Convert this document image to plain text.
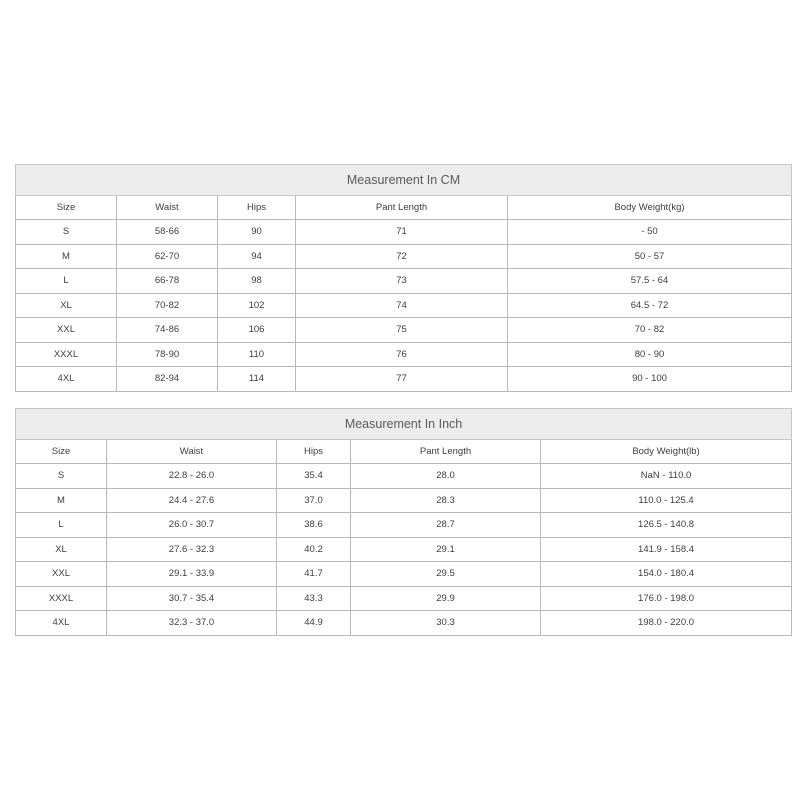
Measurement In CM				
Size	Waist	Hips	Pant Length	Body Weight(kg)
S	58-66	90	71	- 50
M	62-70	94	72	50 - 57
L	66-78	98	73	57.5 - 64
XL	70-82	102	74	64.5 - 72
XXL	74-86	106	75	70 - 82
XXXL	78-90	110	76	80 - 90
4XL	82-94	114	77	90 - 100
Measurement In Inch				
Size	Waist	Hips	Pant Length	Body Weight(lb)
S	22.8 - 26.0	35.4	28.0	NaN - 110.0
M	24.4 - 27.6	37.0	28.3	110.0 - 125.4
L	26.0 - 30.7	38.6	28.7	126.5 - 140.8
XL	27.6 - 32.3	40.2	29.1	141.9 - 158.4
XXL	29.1 - 33.9	41.7	29.5	154.0 - 180.4
XXXL	30.7 - 35.4	43.3	29.9	176.0 - 198.0
4XL	32.3 - 37.0	44.9	30.3	198.0 - 220.0
